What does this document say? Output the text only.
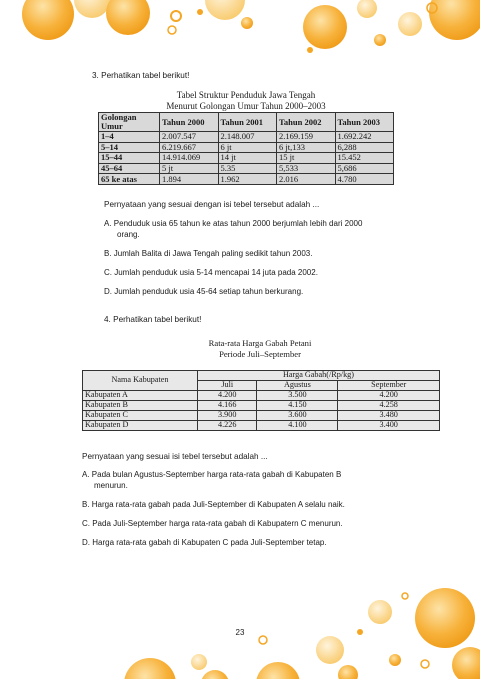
3. Perhatikan tabel berikut!
Tabel Struktur Penduduk Jawa Tengah
Menurut Golongan Umur Tahun 2000–2003
Golongan Umur	Tahun 2000	Tahun 2001	Tahun 2002	Tahun 2003
1–4	2.007.547	2.148.007	2.169.159	1.692.242
5–14	6.219.667	6 jt	6 jt,133	6,288
15–44	14.914.069	14 jt	15 jt	15.452
45–64	5 jt	5.35	5,533	5,686
65 ke atas	1.894	1.962	2.016	4.780
Pernyataan yang sesuai dengan isi tebel tersebut adalah ...
A. Penduduk usia 65 tahun ke atas tahun 2000 berjumlah lebih dari 2000
orang.
B. Jumlah Balita di Jawa Tengah paling sedikit tahun 2003.
C. Jumlah penduduk usia 5-14 mencapai 14 juta pada 2002.
D. Jumlah penduduk usia 45-64 setiap tahun berkurang.
4. Perhatikan tabel berikut!
Rata-rata Harga Gabah Petani
Periode Juli–September
Nama Kabupaten	Harga Gabah(/Rp/kg)		
	Juli	Agustus	September
Kabupaten A	4.200	3.500	4.200
Kabupaten B	4.166	4.150	4.258
Kabupaten C	3.900	3.600	3.480
Kabupaten D	4.226	4.100	3.400
Pernyataan yang sesuai isi tebel tersebut adalah ...
A. Pada bulan Agustus-September harga rata-rata gabah di Kabupaten B
menurun.
B. Harga rata-rata gabah pada Juli-September di Kabupaten A selalu naik.
C. Pada Juli-September harga rata-rata gabah di Kabupatern C menurun.
D. Harga rata-rata gabah di Kabupaten C pada Juli-September tetap.
23
